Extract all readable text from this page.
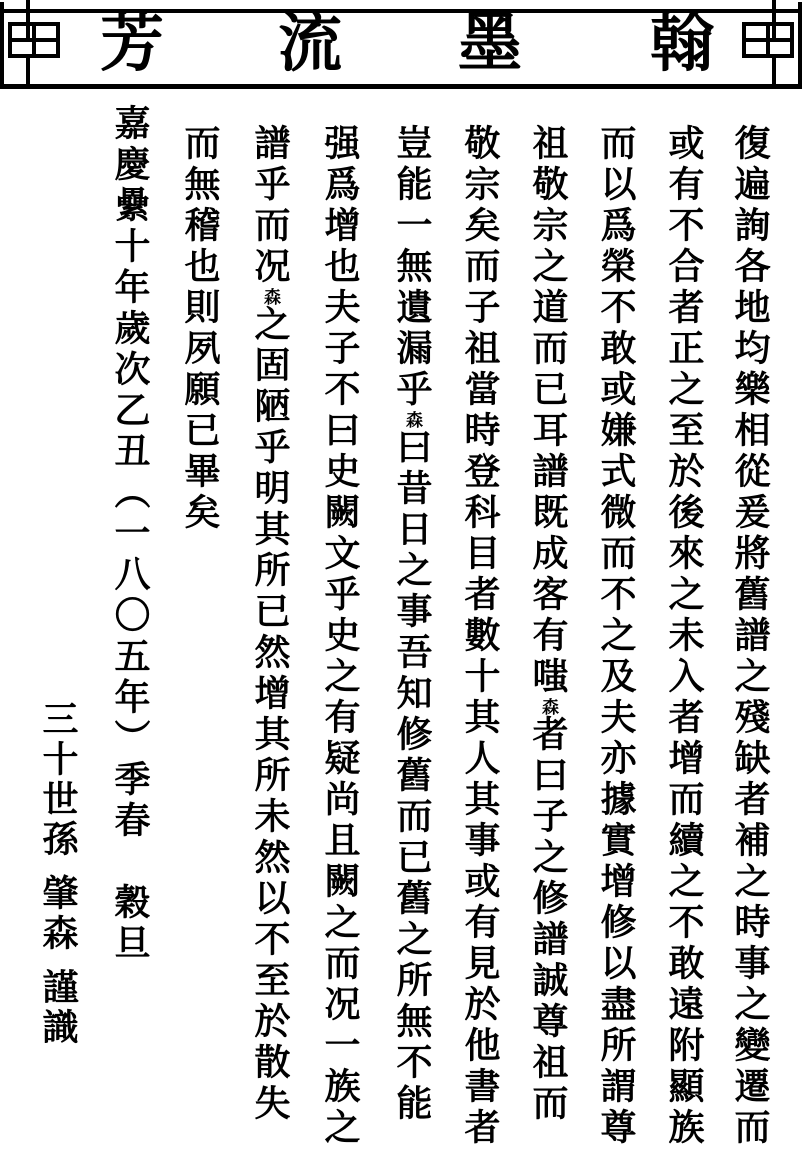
翰
墨
流
芳
復遍詢各地均樂相從爰將舊譜之殘缺者補之時事之變遷而
或有不合者正之至於後來之未入者增而續之不敢遠附顯族
而以爲榮不敢或嫌式微而不之及夫亦據實增修以盡所謂尊
祖敬宗之道而已耳譜既成客有嗤森者曰子之修譜誠尊祖而
敬宗矣而子祖當時登科目者數十其人其事或有見於他書者
豈能一無遺漏乎森曰昔日之事吾知修舊而已舊之所無不能
强爲增也夫子不曰史闕文乎史之有疑尚且闕之而况一族之
譜乎而况森之固陋乎明其所已然增其所未然以不至於散失
而無稽也則夙願已畢矣
嘉慶纍十年歲次乙丑（一八〇五年）季春　穀旦
三十世孫肇森謹識
